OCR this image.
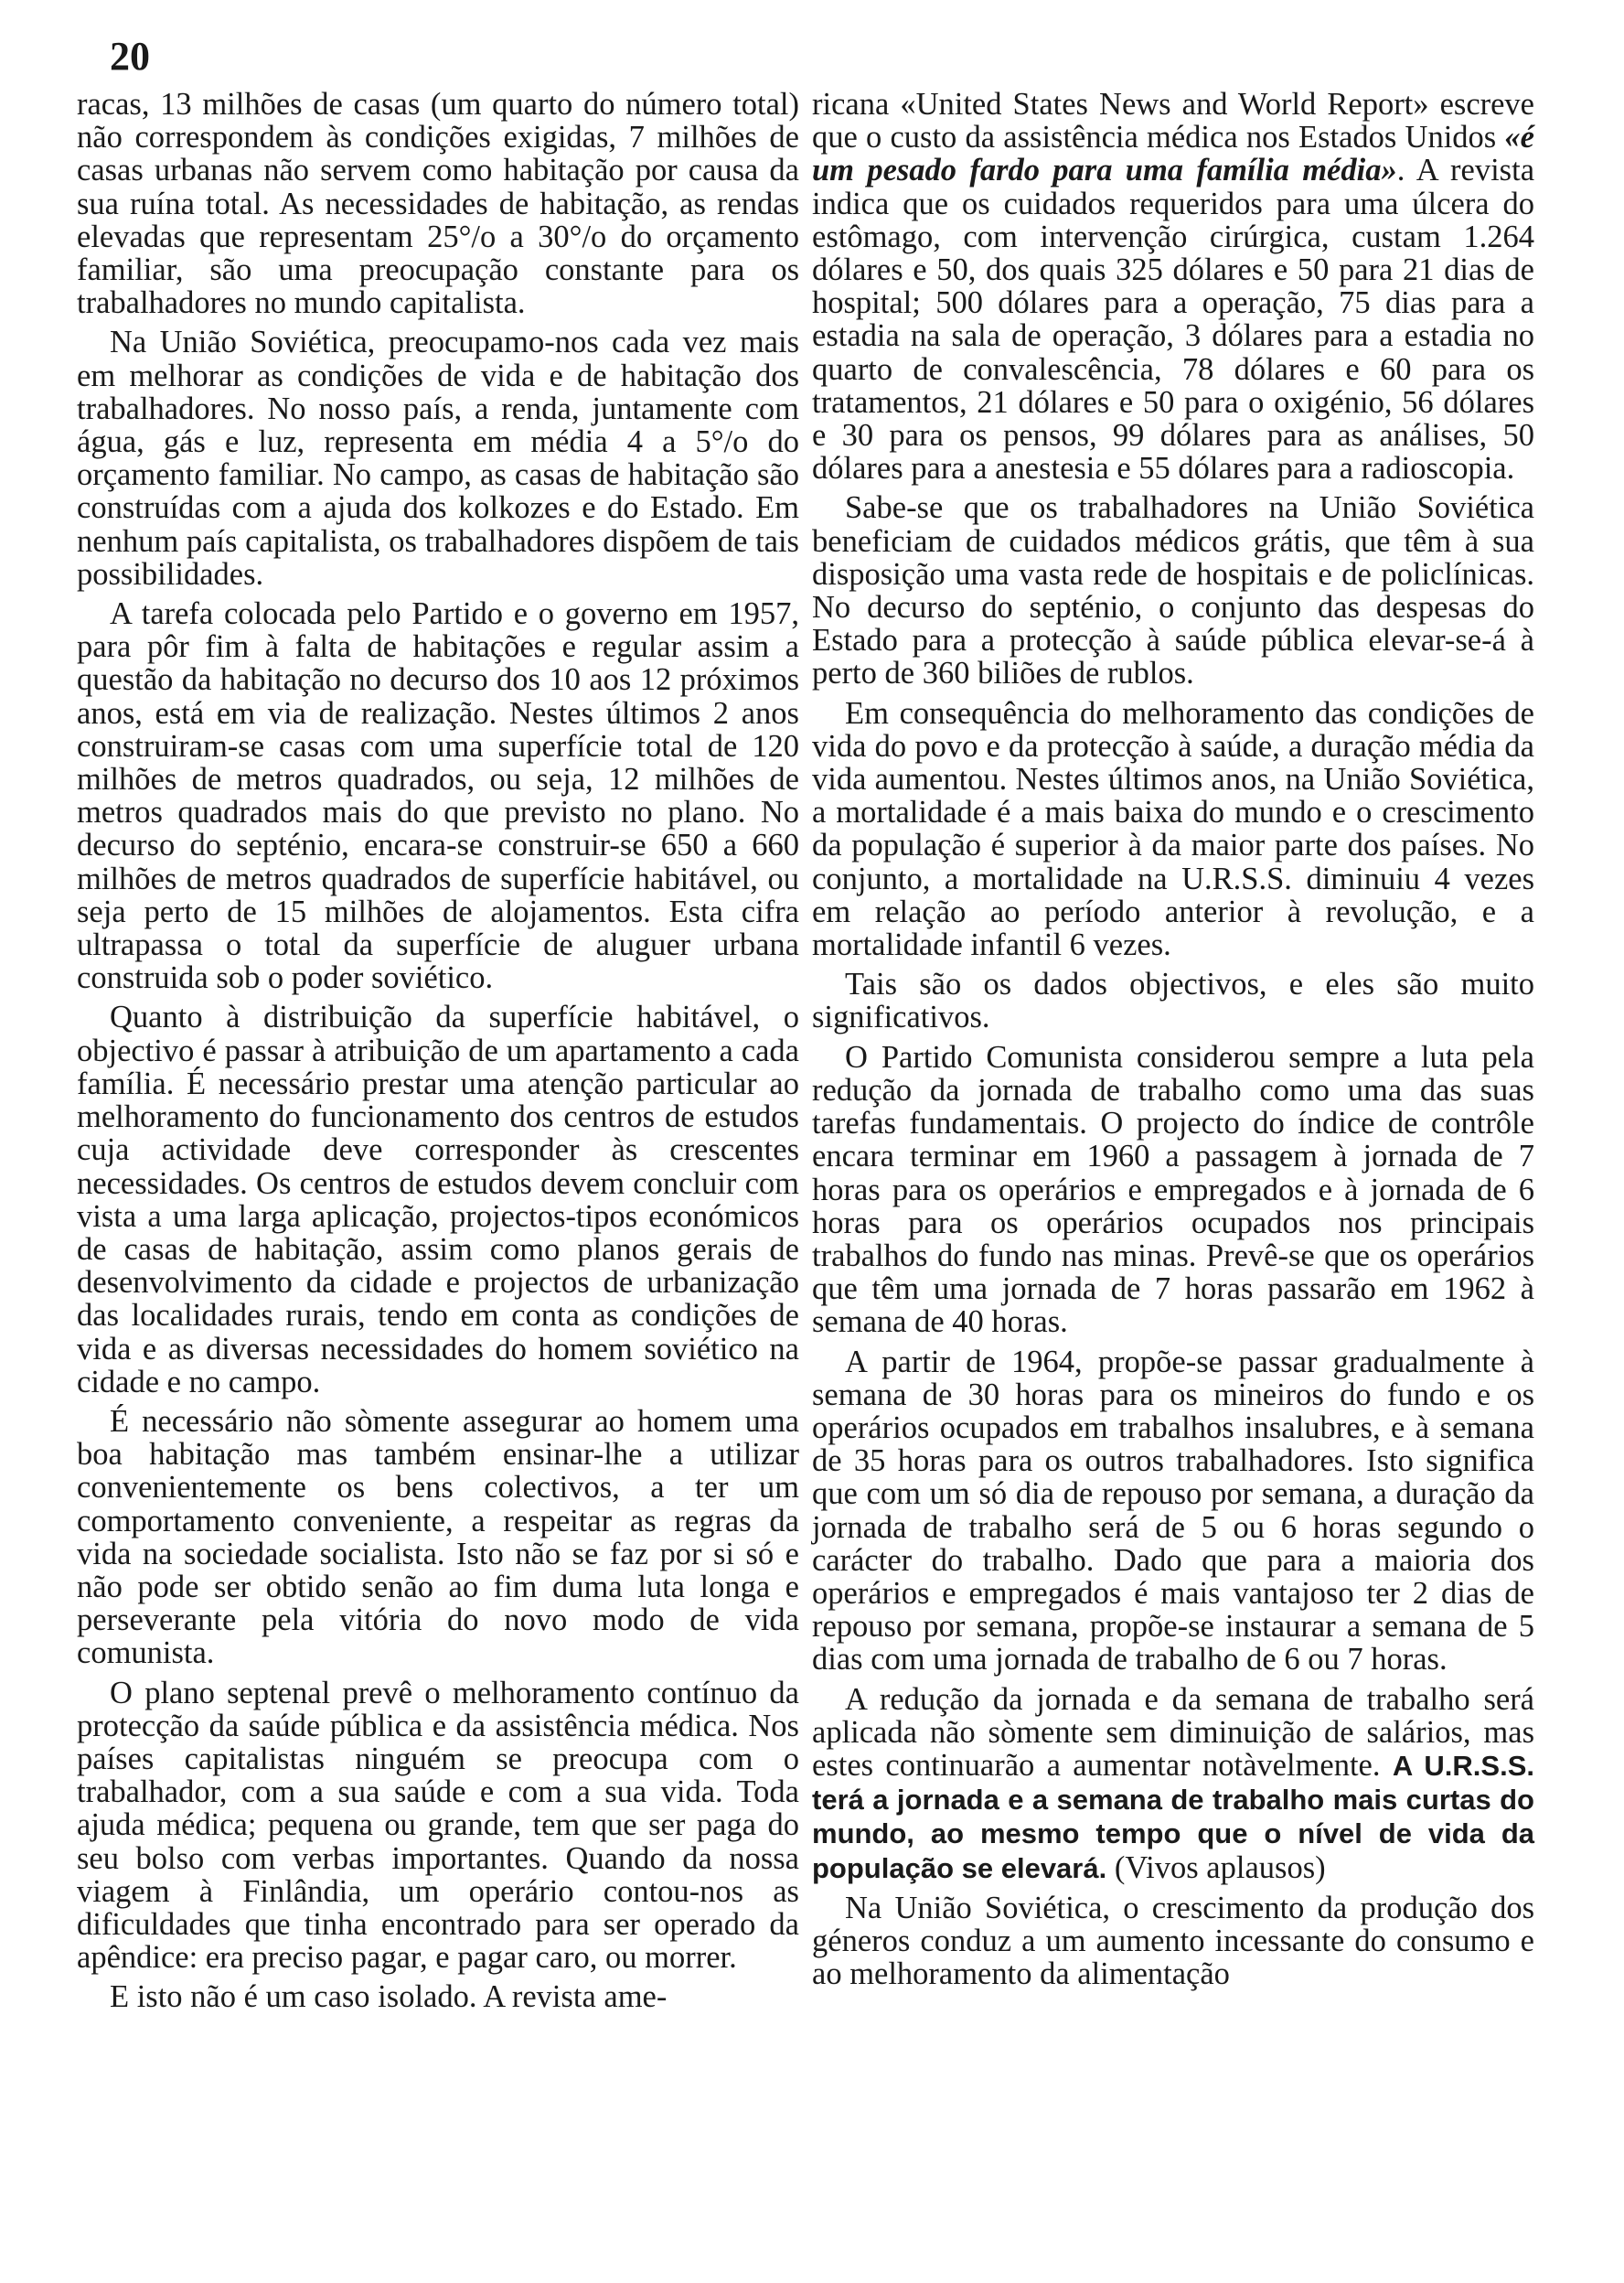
20

racas, 13 milhões de casas (um quarto do número total) não correspondem às condições exigidas, 7 milhões de casas urbanas não servem como habitação por causa da sua ruína total. As necessidades de habitação, as rendas elevadas que representam 25°/o a 30°/o do orçamento familiar, são uma preocupação constante para os trabalhadores no mundo capitalista.

Na União Soviética, preocupamo-nos cada vez mais em melhorar as condições de vida e de habitação dos trabalhadores. No nosso país, a renda, juntamente com água, gás e luz, representa em média 4 a 5°/o do orçamento familiar. No campo, as casas de habitação são construídas com a ajuda dos kolkozes e do Estado. Em nenhum país capitalista, os trabalhadores dispõem de tais possibilidades.

A tarefa colocada pelo Partido e o governo em 1957, para pôr fim à falta de habitações e regular assim a questão da habitação no decurso dos 10 aos 12 próximos anos, está em via de realização. Nestes últimos 2 anos construiram-se casas com uma superfície total de 120 milhões de metros quadrados, ou seja, 12 milhões de metros quadrados mais do que previsto no plano. No decurso do septénio, encara-se construir-se 650 a 660 milhões de metros quadrados de superfície habitável, ou seja perto de 15 milhões de alojamentos. Esta cifra ultrapassa o total da superfície de aluguer urbana construida sob o poder soviético.

Quanto à distribuição da superfície habitável, o objectivo é passar à atribuição de um apartamento a cada família. É necessário prestar uma atenção particular ao melhoramento do funcionamento dos centros de estudos cuja actividade deve corresponder às crescentes necessidades. Os centros de estudos devem concluir com vista a uma larga aplicação, projectos-tipos económicos de casas de habitação, assim como planos gerais de desenvolvimento da cidade e projectos de urbanização das localidades rurais, tendo em conta as condições de vida e as diversas necessidades do homem soviético na cidade e no campo.

É necessário não sòmente assegurar ao homem uma boa habitação mas também ensinar-lhe a utilizar convenientemente os bens colectivos, a ter um comportamento conveniente, a respeitar as regras da vida na sociedade socialista. Isto não se faz por si só e não pode ser obtido senão ao fim duma luta longa e perseverante pela vitória do novo modo de vida comunista.

O plano septenal prevê o melhoramento contínuo da protecção da saúde pública e da assistência médica. Nos países capitalistas ninguém se preocupa com o trabalhador, com a sua saúde e com a sua vida. Toda ajuda médica; pequena ou grande, tem que ser paga do seu bolso com verbas importantes. Quando da nossa viagem à Finlândia, um operário contou-nos as dificuldades que tinha encontrado para ser operado da apêndice: era preciso pagar, e pagar caro, ou morrer.

E isto não é um caso isolado. A revista ame-

ricana «United States News and World Report» escreve que o custo da assistência médica nos Estados Unidos «é um pesado fardo para uma família média». A revista indica que os cuidados requeridos para uma úlcera do estômago, com intervenção cirúrgica, custam 1.264 dólares e 50, dos quais 325 dólares e 50 para 21 dias de hospital; 500 dólares para a operação, 75 dias para a estadia na sala de operação, 3 dólares para a estadia no quarto de convalescência, 78 dólares e 60 para os tratamentos, 21 dólares e 50 para o oxigénio, 56 dólares e 30 para os pensos, 99 dólares para as análises, 50 dólares para a anestesia e 55 dólares para a radioscopia.

Sabe-se que os trabalhadores na União Soviética beneficiam de cuidados médicos grátis, que têm à sua disposição uma vasta rede de hospitais e de policlínicas. No decurso do septénio, o conjunto das despesas do Estado para a protecção à saúde pública elevar-se-á à perto de 360 biliões de rublos.

Em consequência do melhoramento das condições de vida do povo e da protecção à saúde, a duração média da vida aumentou. Nestes últimos anos, na União Soviética, a mortalidade é a mais baixa do mundo e o crescimento da população é superior à da maior parte dos países. No conjunto, a mortalidade na U.R.S.S. diminuiu 4 vezes em relação ao período anterior à revolução, e a mortalidade infantil 6 vezes.

Tais são os dados objectivos, e eles são muito significativos.

O Partido Comunista considerou sempre a luta pela redução da jornada de trabalho como uma das suas tarefas fundamentais. O projecto do índice de contrôle encara terminar em 1960 a passagem à jornada de 7 horas para os operários e empregados e à jornada de 6 horas para os operários ocupados nos principais trabalhos do fundo nas minas. Prevê-se que os operários que têm uma jornada de 7 horas passarão em 1962 à semana de 40 horas.

A partir de 1964, propõe-se passar gradualmente à semana de 30 horas para os mineiros do fundo e os operários ocupados em trabalhos insalubres, e à semana de 35 horas para os outros trabalhadores. Isto significa que com um só dia de repouso por semana, a duração da jornada de trabalho será de 5 ou 6 horas segundo o carácter do trabalho. Dado que para a maioria dos operários e empregados é mais vantajoso ter 2 dias de repouso por semana, propõe-se instaurar a semana de 5 dias com uma jornada de trabalho de 6 ou 7 horas.

A redução da jornada e da semana de trabalho será aplicada não sòmente sem diminuição de salários, mas estes continuarão a aumentar notàvelmente. A U.R.S.S. terá a jornada e a semana de trabalho mais curtas do mundo, ao mesmo tempo que o nível de vida da população se elevará. (Vivos aplausos)

Na União Soviética, o crescimento da produção dos géneros conduz a um aumento incessante do consumo e ao melhoramento da alimentação
